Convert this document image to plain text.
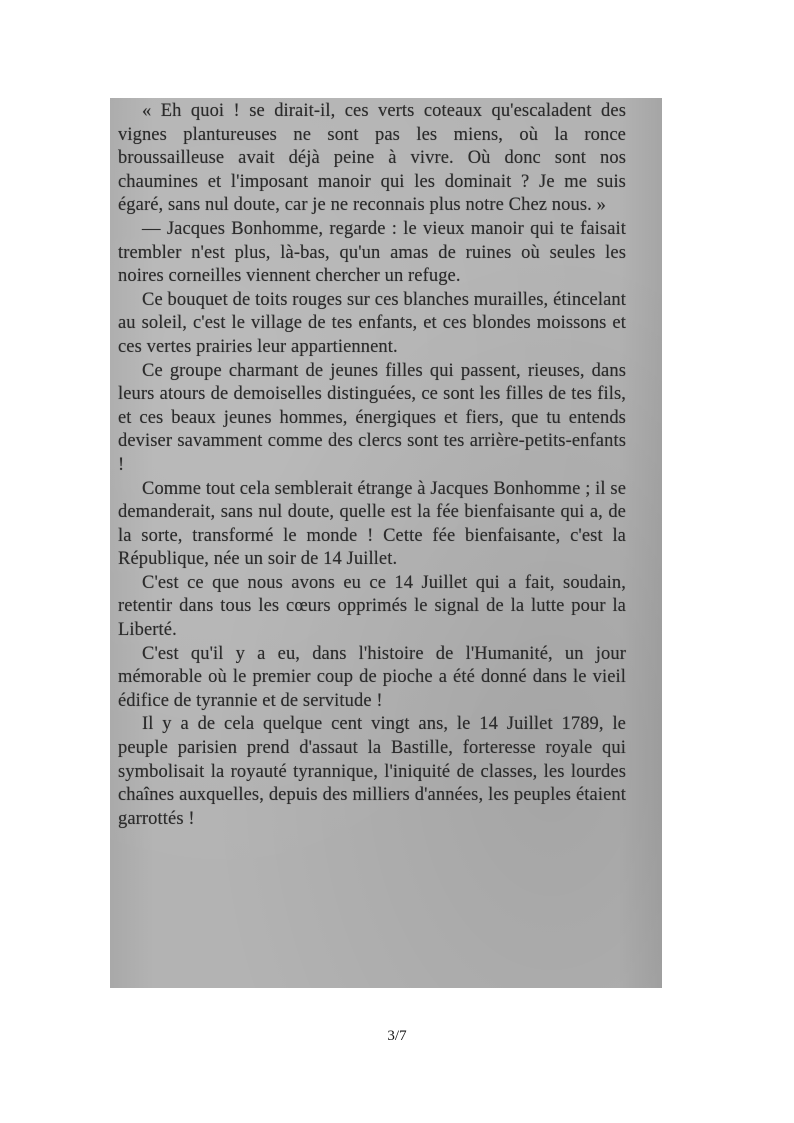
« Eh quoi ! se dirait-il, ces verts coteaux qu'escaladent des vignes plantureuses ne sont pas les miens, où la ronce broussailleuse avait déjà peine à vivre. Où donc sont nos chaumines et l'imposant manoir qui les dominait ? Je me suis égaré, sans nul doute, car je ne reconnais plus notre Chez nous. »

— Jacques Bonhomme, regarde : le vieux manoir qui te faisait trembler n'est plus, là-bas, qu'un amas de ruines où seules les noires corneilles viennent chercher un refuge.

Ce bouquet de toits rouges sur ces blanches murailles, étincelant au soleil, c'est le village de tes enfants, et ces blondes moissons et ces vertes prairies leur appartiennent.

Ce groupe charmant de jeunes filles qui passent, rieuses, dans leurs atours de demoiselles distinguées, ce sont les filles de tes fils, et ces beaux jeunes hommes, énergiques et fiers, que tu entends deviser savamment comme des clercs sont tes arrière-petits-enfants !

Comme tout cela semblerait étrange à Jacques Bonhomme ; il se demanderait, sans nul doute, quelle est la fée bienfaisante qui a, de la sorte, transformé le monde ! Cette fée bienfaisante, c'est la République, née un soir de 14 Juillet.

C'est ce que nous avons eu ce 14 Juillet qui a fait, soudain, retentir dans tous les cœurs opprimés le signal de la lutte pour la Liberté.

C'est qu'il y a eu, dans l'histoire de l'Humanité, un jour mémorable où le premier coup de pioche a été donné dans le vieil édifice de tyrannie et de servitude !

Il y a de cela quelque cent vingt ans, le 14 Juillet 1789, le peuple parisien prend d'assaut la Bastille, forteresse royale qui symbolisait la royauté tyrannique, l'iniquité de classes, les lourdes chaînes auxquelles, depuis des milliers d'années, les peuples étaient garrottés !

3/7
